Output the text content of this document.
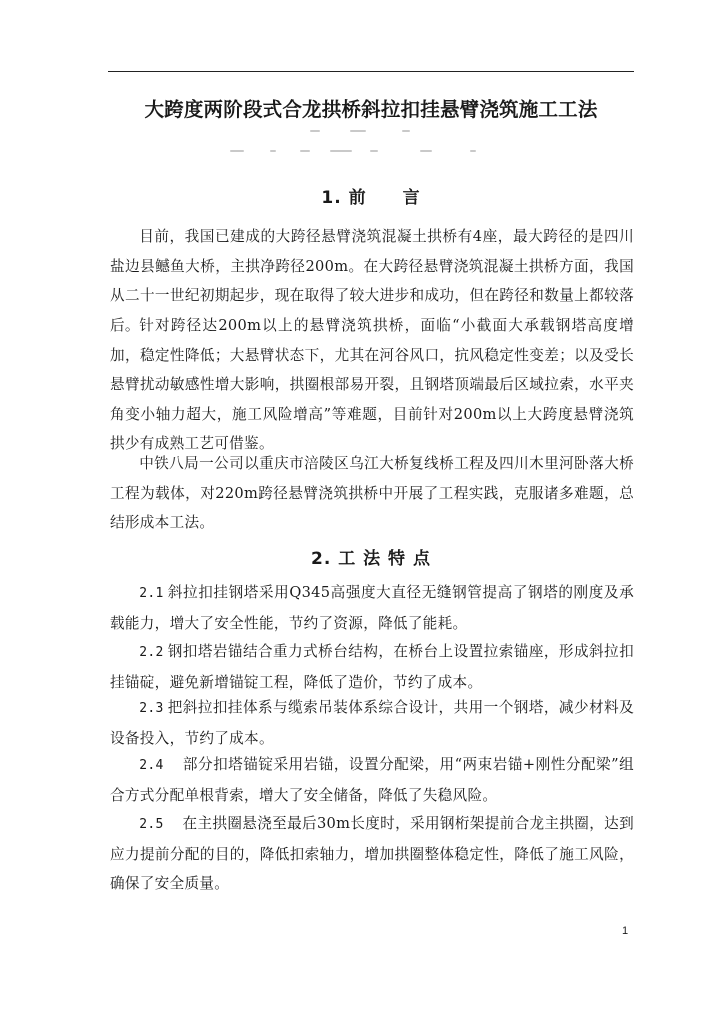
大跨度两阶段式合龙拱桥斜拉扣挂悬臂浇筑施工工法
1. 前　　言

目前，我国已建成的大跨径悬臂浇筑混凝土拱桥有4座，最大跨径的是四川盐边县鳡鱼大桥，主拱净跨径200m。在大跨径悬臂浇筑混凝土拱桥方面，我国从二十一世纪初期起步，现在取得了较大进步和成功，但在跨径和数量上都较落后。 针对跨径达200m以上的悬臂浇筑拱桥，面临“小截面大承载钢塔高度增加，稳定性降低；大悬臂状态下，尤其在河谷风口，抗风稳定性变差；以及受长悬臂扰动敏感性增大影响，拱圈根部易开裂，且钢塔顶端最后区域拉索，水平夹角变小轴力超大，施工风险增高”等难题，目前针对200m以上大跨度悬臂浇筑拱少有成熟工艺可借鉴。

中铁八局一公司以重庆市涪陵区乌江大桥复线桥工程及四川木里河卧落大桥工程为载体，对220m跨径悬臂浇筑拱桥中开展了工程实践，克服诸多难题，总结形成本工法。

2. 工 法 特 点

2.1 斜拉扣挂钢塔采用Q345高强度大直径无缝钢管提高了钢塔的刚度及承载能力，增大了安全性能，节约了资源，降低了能耗。

2.2 钢扣塔岩锚结合重力式桥台结构，在桥台上设置拉索锚座，形成斜拉扣挂锚碇，避免新增锚锭工程，降低了造价，节约了成本。

2.3 把斜拉扣挂体系与缆索吊装体系综合设计，共用一个钢塔，减少材料及设备投入，节约了成本。

2.4　部分扣塔锚锭采用岩锚，设置分配梁，用“两束岩锚+刚性分配梁”组合方式分配单根背索，增大了安全储备，降低了失稳风险。

2.5　在主拱圈悬浇至最后30m长度时，采用钢桁架提前合龙主拱圈，达到应力提前分配的目的，降低扣索轴力，增加拱圈整体稳定性，降低了施工风险，确保了安全质量。

1
